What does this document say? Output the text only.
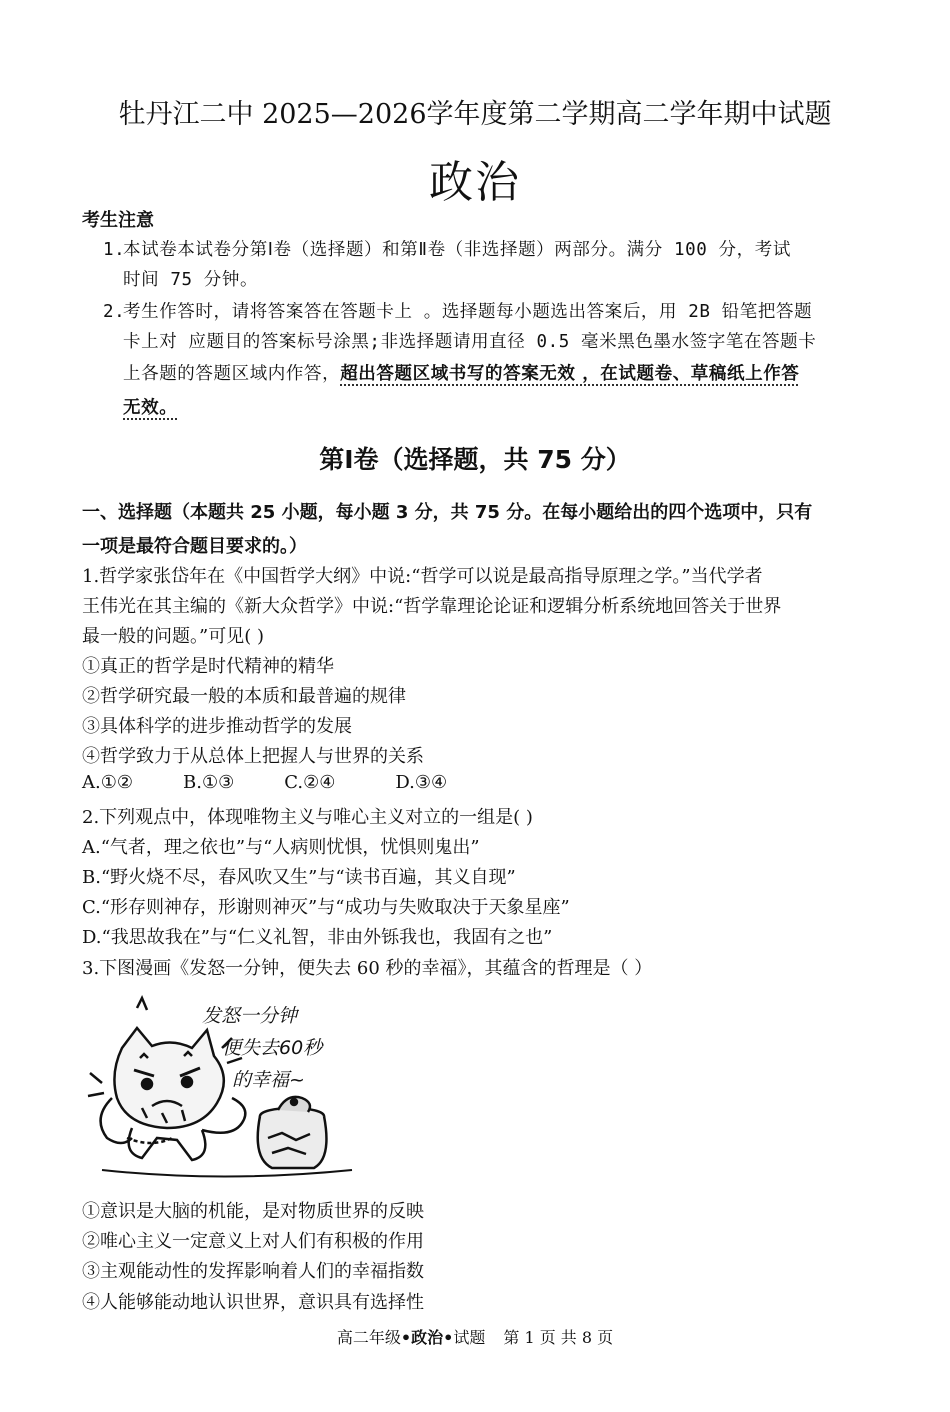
牡丹江二中 2025—2026学年度第二学期高二学年期中试题
政治
考生注意
1.本试卷本试卷分第Ⅰ卷（选择题）和第Ⅱ卷（非选择题）两部分。满分 100 分，考试
时间 75 分钟。
2.考生作答时，请将答案答在答题卡上 。选择题每小题选出答案后，用 2B 铅笔把答题
卡上对 应题目的答案标号涂黑;非选择题请用直径 0.5 毫米黑色墨水签字笔在答题卡
上各题的答题区域内作答，超出答题区域书写的答案无效 ，在试题卷、草稿纸上作答
无效。
第Ⅰ卷（选择题，共 75 分）
一、选择题（本题共 25 小题，每小题 3 分，共 75 分。在每小题给出的四个选项中，只有
一项是最符合题目要求的。）
1.哲学家张岱年在《中国哲学大纲》中说:“哲学可以说是最高指导原理之学。”当代学者
王伟光在其主编的《新大众哲学》中说:“哲学靠理论论证和逻辑分析系统地回答关于世界
最一般的问题。”可见( )
①真正的哲学是时代精神的精华
②哲学研究最一般的本质和最普遍的规律
③具体科学的进步推动哲学的发展
④哲学致力于从总体上把握人与世界的关系
A.①②	B.①③	C.②④	D.③④
2.下列观点中，体现唯物主义与唯心主义对立的一组是( )
A.“气者，理之依也”与“人病则忧惧，忧惧则鬼出”
B.“野火烧不尽，春风吹又生”与“读书百遍，其义自现”
C.“形存则神存，形谢则神灭”与“成功与失败取决于天象星座”
D.“我思故我在”与“仁义礼智，非由外铄我也，我固有之也”
3.下图漫画《发怒一分钟，便失去 60 秒的幸福》，其蕴含的哲理是（ ）
发怒一分钟
便失去60秒
的幸福~
①意识是大脑的机能，是对物质世界的反映
②唯心主义一定意义上对人们有积极的作用
③主观能动性的发挥影响着人们的幸福指数
④人能够能动地认识世界，意识具有选择性
高二年级•政治•试题 第 1 页 共 8 页
